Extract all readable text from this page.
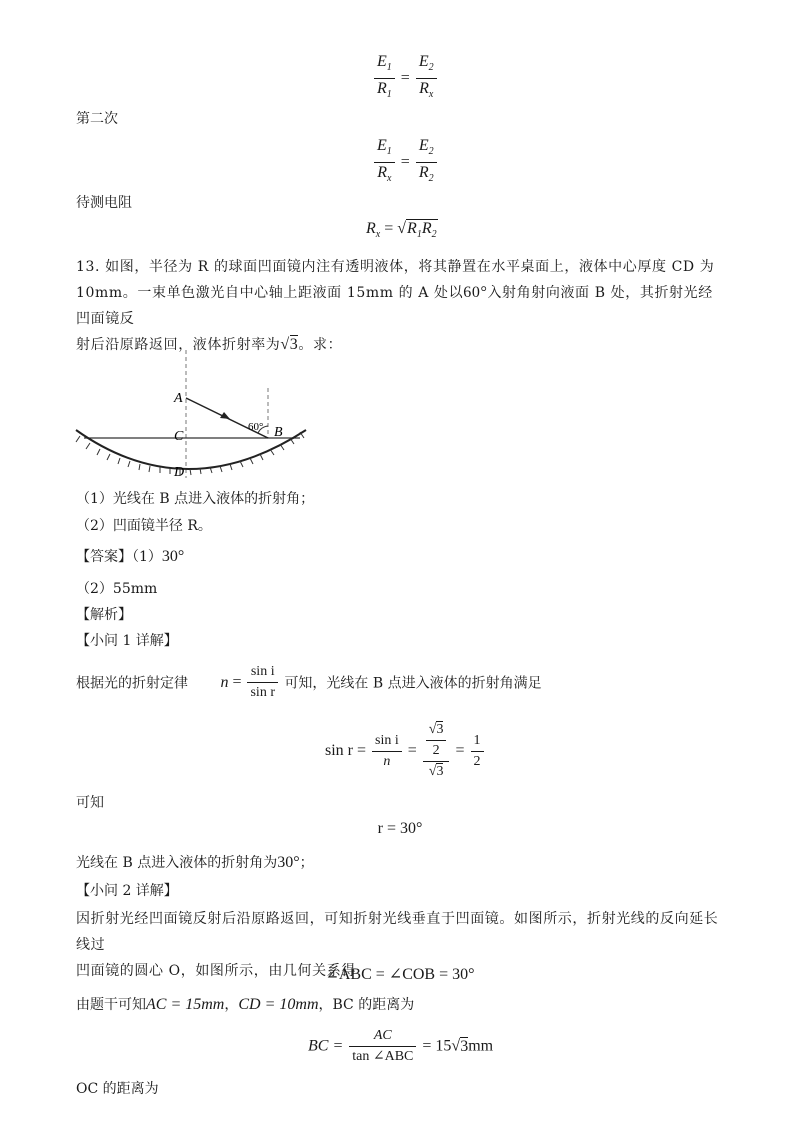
$\frac{E_1}{R_1} = \frac{E_2}{R_x}$
第二次
$\frac{E_1}{R_x} = \frac{E_2}{R_2}$
待测电阻
$R_x = √R_1R_2$
13. 如图，半径为 R 的球面凹面镜内注有透明液体，将其静置在水平桌面上，液体中心厚度 CD 为
10mm。一束单色激光自中心轴上距液面 15mm 的 A 处以60°入射角射向液面 B 处，其折射光经凹面镜反
射后沿原路返回，液体折射率为√3。求：
A
C
D
B
60°
（1）光线在 B 点进入液体的折射角；
（2）凹面镜半径 R。
【答案】（1）30°
（2）55mm
【解析】
【小问 1 详解】
根据光的折射定律 $n = \frac{\text{sin i}}{\text{sin r}}$ 可知，光线在 B 点进入液体的折射角满足
$\sin r = \frac{\text{sin i}}{n} = \frac{\frac{√3}{2}}{√3} = \frac{1}{2}$
可知
r = 30°
光线在 B 点进入液体的折射角为30°；
【小问 2 详解】
因折射光经凹面镜反射后沿原路返回，可知折射光线垂直于凹面镜。如图所示，折射光线的反向延长线过
凹面镜的圆心 O，如图所示，由几何关系得
∠ABC = ∠COB = 30°
由题干可知AC = 15mm，CD = 10mm，BC 的距离为
BC = $\frac{AC}{\text{tan ∠ABC}} = 15√3mm$
OC 的距离为
